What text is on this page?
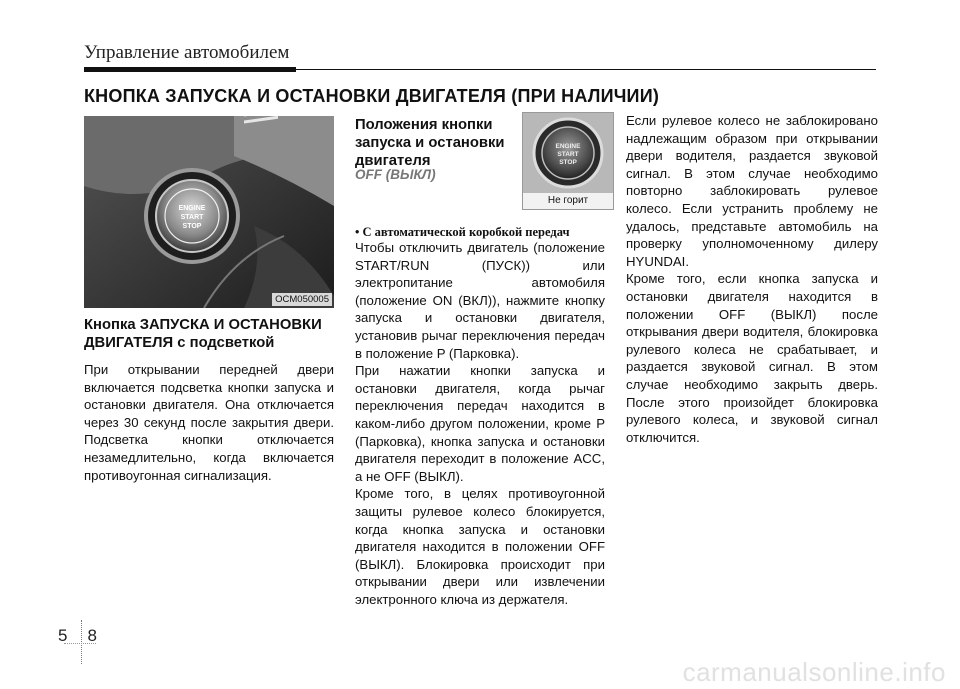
Управление автомобилем
КНОПКА ЗАПУСКА И ОСТАНОВКИ ДВИГАТЕЛЯ (ПРИ НАЛИЧИИ)
ENGINE
START
STOP
OCM050005
Кнопка ЗАПУСКА И ОСТАНОВКИ ДВИГАТЕЛЯ с подсветкой

При открывании передней двери включается подсветка кнопки запуска и остановки двигателя. Она отключается через 30 секунд после закрытия двери. Подсветка кнопки отключается незамедлительно, когда включается противоугонная сигнализация.

Положения кнопки запуска и остановки двигателя
OFF (ВЫКЛ)
ENGINE
START
STOP
Не горит
• С автоматической коробкой передач

Чтобы отключить двигатель (положение START/RUN (ПУСК)) или электропитание автомобиля (положение ON (ВКЛ)), нажмите кнопку запуска и остановки двигателя, установив рычаг переключения передач в положение P (Парковка).

При нажатии кнопки запуска и остановки двигателя, когда рычаг переключения передач находится в каком-либо другом положении, кроме P (Парковка), кнопка запуска и остановки двигателя переходит в положение ACC, а не OFF (ВЫКЛ).

Кроме того, в целях противоугонной защиты рулевое колесо блокируется, когда кнопка запуска и остановки двигателя находится в положении OFF (ВЫКЛ). Блокировка происходит при открывании двери или извлечении электронного ключа из держателя.

Если рулевое колесо не заблокировано надлежащим образом при открывании двери водителя, раздается звуковой сигнал. В этом случае необходимо повторно заблокировать рулевое колесо. Если устранить проблему не удалось, представьте автомобиль на проверку уполномоченному дилеру HYUNDAI.

Кроме того, если кнопка запуска и остановки двигателя находится в положении OFF (ВЫКЛ) после открывания двери водителя, блокировка рулевого колеса не срабатывает, и раздается звуковой сигнал. В этом случае необходимо закрыть дверь. После этого произойдет блокировка рулевого колеса, и звуковой сигнал отключится.

5 8
carmanualsonline.info
